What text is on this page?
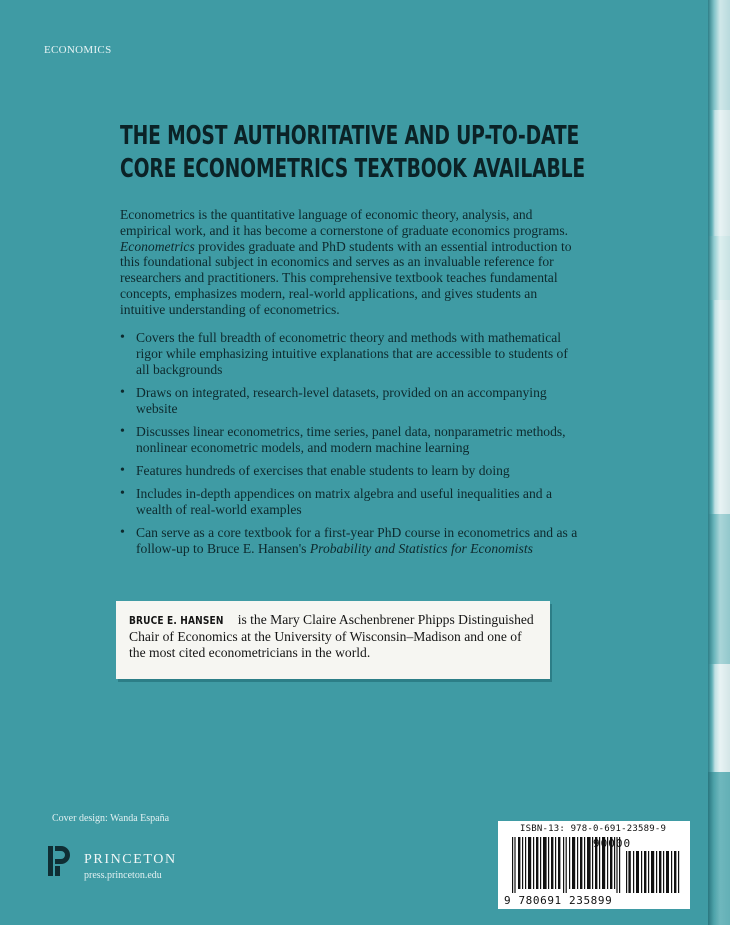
ECONOMICS
THE MOST AUTHORITATIVE AND UP-TO-DATE
CORE ECONOMETRICS TEXTBOOK AVAILABLE
Econometrics is the quantitative language of economic theory, analysis, and empirical work, and it has become a cornerstone of graduate economics programs. Econometrics provides graduate and PhD students with an essential introduction to this foundational subject in economics and serves as an invaluable reference for researchers and practitioners. This comprehensive textbook teaches fundamental concepts, emphasizes modern, real-world applications, and gives students an intuitive understanding of econometrics.
• Covers the full breadth of econometric theory and methods with mathematical rigor while emphasizing intuitive explanations that are accessible to students of all backgrounds
• Draws on integrated, research-level datasets, provided on an accompanying website
• Discusses linear econometrics, time series, panel data, nonparametric methods, nonlinear econometric models, and modern machine learning
• Features hundreds of exercises that enable students to learn by doing
• Includes in-depth appendices on matrix algebra and useful inequalities and a wealth of real-world examples
• Can serve as a core textbook for a first-year PhD course in econometrics and as a follow-up to Bruce E. Hansen's Probability and Statistics for Economists
BRUCE E. HANSEN is the Mary Claire Aschenbrener Phipps Distinguished Chair of Economics at the University of Wisconsin–Madison and one of the most cited econometricians in the world.
Cover design: Wanda España
PRINCETON
press.princeton.edu
ISBN-13: 978-0-691-23589-9
90000
9 780691 235899
